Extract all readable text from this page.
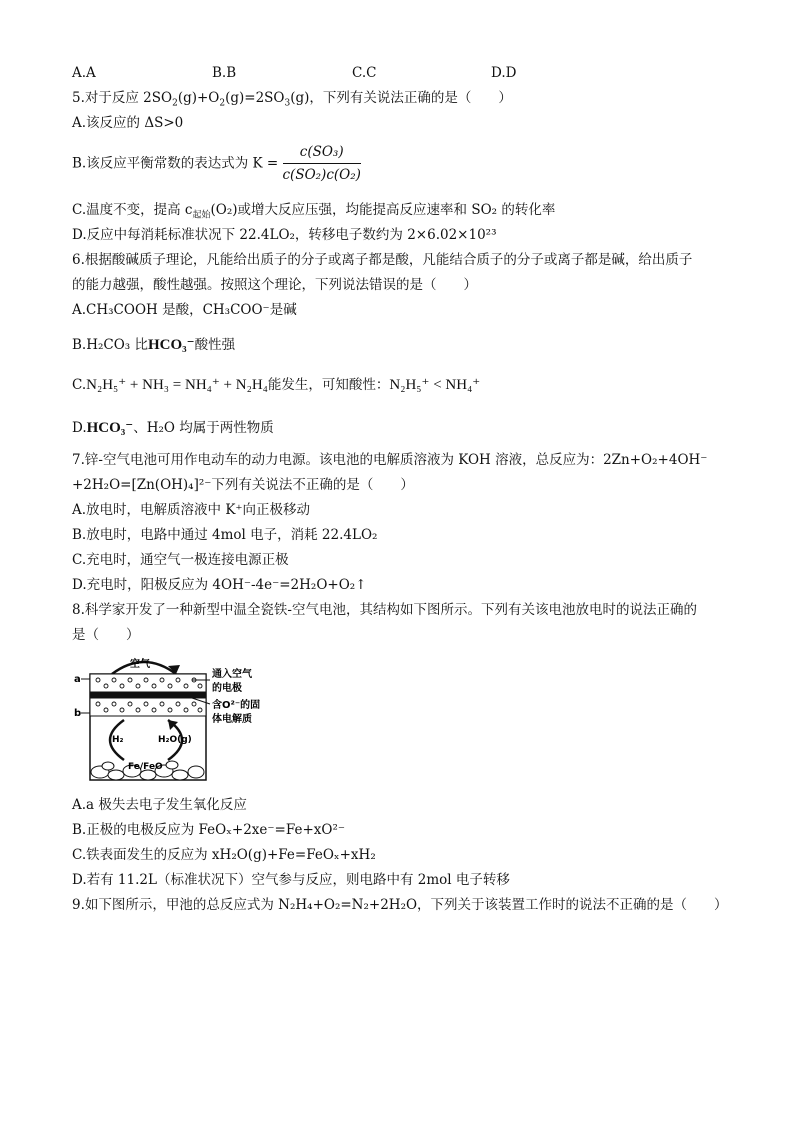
A.A	B.B	C.C	D.D
5.对于反应 $2SO_2(g)+O_2(g)=2SO_3(g)$，下列有关说法正确的是（　　）
A.该反应的 ΔS>0
B.该反应平衡常数的表达式为 $K = \frac{\text{c(SO₃)}}{\text{c(SO₂)c(O₂)}}$
C.温度不变，提高 $c_{起始}(O_2)$或增大反应压强，均能提高反应速率和 SO₂ 的转化率
D.反应中每消耗标准状况下 22.4LO₂，转移电子数约为 2×6.02×10²³
6.根据酸碱质子理论，凡能给出质子的分子或离子都是酸，凡能结合质子的分子或离子都是碱，给出质子
的能力越强，酸性越强。按照这个理论，下列说法错误的是（　　）
A.CH₃COOH 是酸，CH₃COO⁻是碱
B.H₂CO₃ 比HCO₃⁻酸性强
C.N₂H₅⁺ + NH₃ = NH₄⁺ + N₂H₄能发生，可知酸性：N₂H₅⁺ < NH₄⁺
D.HCO₃⁻、H₂O 均属于两性物质
7.锌-空气电池可用作电动车的动力电源。该电池的电解质溶液为 KOH 溶液，总反应为：2Zn+O₂+4OH⁻
+2H₂O=[Zn(OH)₄]²⁻下列有关说法不正确的是（　　）
A.放电时，电解质溶液中 K⁺向正极移动
B.放电时，电路中通过 4mol 电子，消耗 22.4LO₂
C.充电时，通空气一极连接电源正极
D.充电时，阳极反应为 4OH⁻-4e⁻=2H₂O+O₂↑
8.科学家开发了一种新型中温全瓷铁-空气电池，其结构如下图所示。下列有关该电池放电时的说法正确的
是（　　）
空气
a
b
H₂	H₂O(g)
Fe/FeO
通入空气
的电极
含O²⁻的固
体电解质
A.a 极失去电子发生氧化反应
B.正极的电极反应为 FeOₓ+2xe⁻=Fe+xO²⁻
C.铁表面发生的反应为 xH₂O(g)+Fe=FeOₓ+xH₂
D.若有 11.2L（标准状况下）空气参与反应，则电路中有 2mol 电子转移
9.如下图所示，甲池的总反应式为 N₂H₄+O₂=N₂+2H₂O，下列关于该装置工作时的说法不正确的是（　　）
